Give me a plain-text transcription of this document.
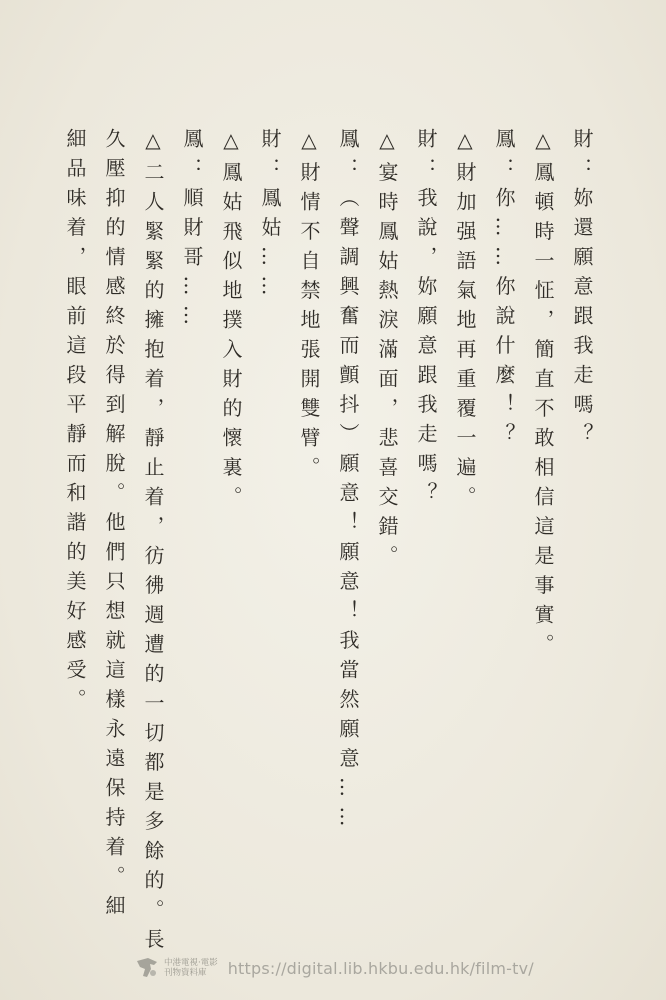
財：妳還願意跟我走嗎？
△鳳頓時一怔，簡直不敢相信這是事實。
鳳：你……你說什麼！？
△財加强語氣地再重覆一遍。
財：我說，妳願意跟我走嗎？
△宴時鳳姑熱淚滿面，悲喜交錯。
鳳：（聲調興奮而顫抖）願意！願意！我當然願意……
△財情不自禁地張開雙臂。
財：鳳姑……
△鳳姑飛似地撲入財的懷裏。
鳳：順財哥……
△二人緊緊的擁抱着，靜止着，彷彿週遭的一切都是多餘的。長
久壓抑的情感終於得到解脫。他們只想就這樣永遠保持着。細
細品味着，眼前這段平靜而和諧的美好感受。
中港電視·電影
刊物資料庫	https://digital.lib.hkbu.edu.hk/film-tv/
